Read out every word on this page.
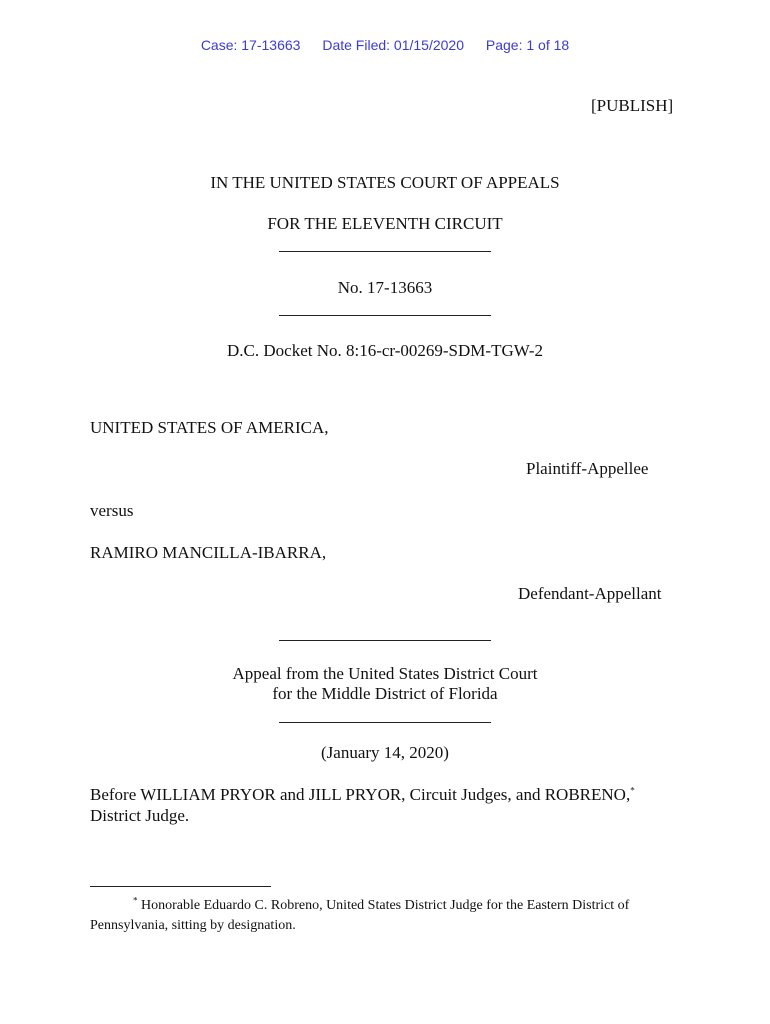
Case: 17-13663 Date Filed: 01/15/2020 Page: 1 of 18
[PUBLISH]
IN THE UNITED STATES COURT OF APPEALS
FOR THE ELEVENTH CIRCUIT
No. 17-13663
D.C. Docket No. 8:16-cr-00269-SDM-TGW-2
UNITED STATES OF AMERICA,
Plaintiff-Appellee
versus
RAMIRO MANCILLA-IBARRA,
Defendant-Appellant
Appeal from the United States District Court
for the Middle District of Florida
(January 14, 2020)
Before WILLIAM PRYOR and JILL PRYOR, Circuit Judges, and ROBRENO,*
District Judge.
* Honorable Eduardo C. Robreno, United States District Judge for the Eastern District of
Pennsylvania, sitting by designation.
